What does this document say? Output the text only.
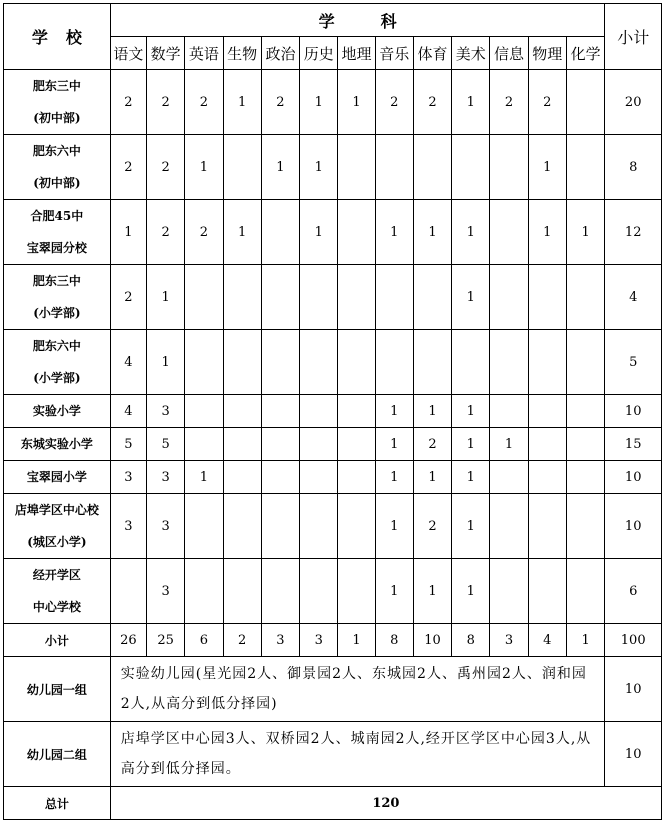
学校	学科													小计
	语文	数学	英语	生物	政治	历史	地理	音乐	体育	美术	信息	物理	化学	

肥东三中
(初中部)	2	2	2	1	2	1	1	2	2	1	2	2		20

肥东六中
(初中部)	2	2	1		1	1						1		8

合肥45中
宝翠园分校	1	2	2	1		1		1	1	1		1	1	12

肥东三中
(小学部)	2	1								1				4

肥东六中
(小学部)	4	1												5

实验小学	4	3						1	1	1				10

东城实验小学	5	5						1	2	1	1			15

宝翠园小学	3	3	1					1	1	1				10

店埠学区中心校
(城区小学)	3	3						1	2	1				10

经开学区
中心学校		3						1	1	1				6
小计	26	25	6	2	3	3	1	8	10	8	3	4	1	100
幼儿园一组	实验幼儿园(星光园2人、御景园2人、东城园2人、禹州园2人、润和园2人,从高分到低分择园)													10
幼儿园二组	店埠学区中心园3人、双桥园2人、城南园2人,经开区学区中心园3人,从高分到低分择园。													10
总计	120													
